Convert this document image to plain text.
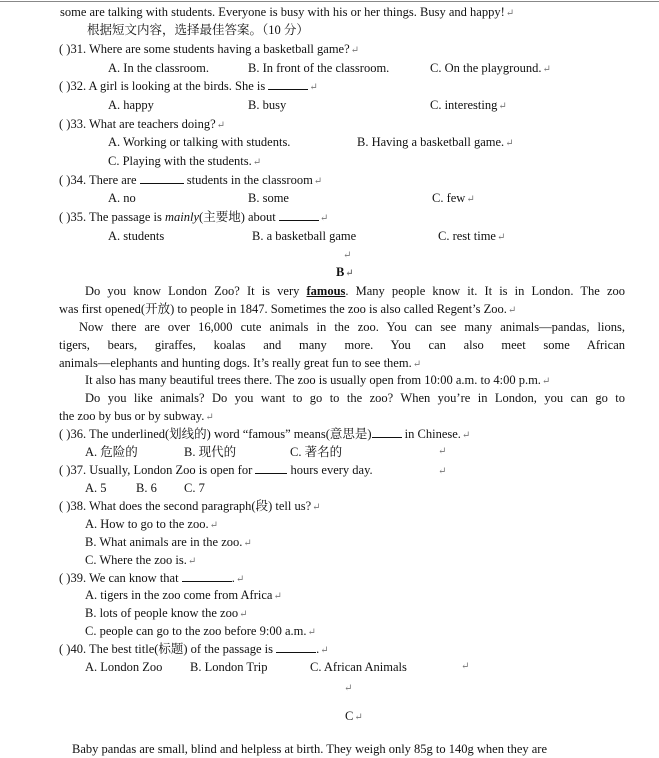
some are talking with students. Everyone is busy with his or her things. Busy and happy!↵
根据短文内容，选择最佳答案。（10 分）
( )31. Where are some students having a basketball game?↵
A. In the classroom.	B. In front of the classroom.	C. On the playground.↵
( )32. A girl is looking at the birds. She is	↵
A. happy	B. busy	C. interesting↵
( )33. What are teachers doing?↵
A. Working or talking with students.	B. Having a basketball game.↵
C. Playing with the students.↵
( )34. There are	students in the classroom↵
A. no	B. some	C. few↵
( )35. The passage is mainly(主要地) about	↵
A. students	B. a basketball game	C. rest time↵
↵
B↵
Do you know London Zoo? It is very famous. Many people know it. It is in London. The zoo
was first opened(开放) to people in 1847. Sometimes the zoo is also called Regent’s Zoo.↵
Now there are over 16,000 cute animals in the zoo. You can see many animals—pandas, lions,
tigers, bears, giraffes, koalas and many more. You can also meet some African
animals—elephants and hunting dogs. It’s really great fun to see them.↵
It also has many beautiful trees there. The zoo is usually open from 10:00 a.m. to 4:00 p.m.↵
Do you like animals? Do you want to go to the zoo? When you’re in London, you can go to
the zoo by bus or by subway.↵
( )36. The underlined(划线的) word “famous” means(意思是)	in Chinese.↵
A. 危险的	B. 现代的	C. 著名的	↵
( )37. Usually, London Zoo is open for	hours every day.	↵
A. 5 B. 6 C. 7
( )38. What does the second paragraph(段) tell us?↵
A. How to go to the zoo.↵
B. What animals are in the zoo.↵
C. Where the zoo is.↵
( )39. We can know that	.↵
A. tigers in the zoo come from Africa↵
B. lots of people know the zoo↵
C. people can go to the zoo before 9:00 a.m.↵
( )40. The best title(标题) of the passage is	.↵
A. London Zoo B. London Trip	C. African Animals	↵
↵
C↵
Baby pandas are small, blind and helpless at birth. They weigh only 85g to 140g when they are
